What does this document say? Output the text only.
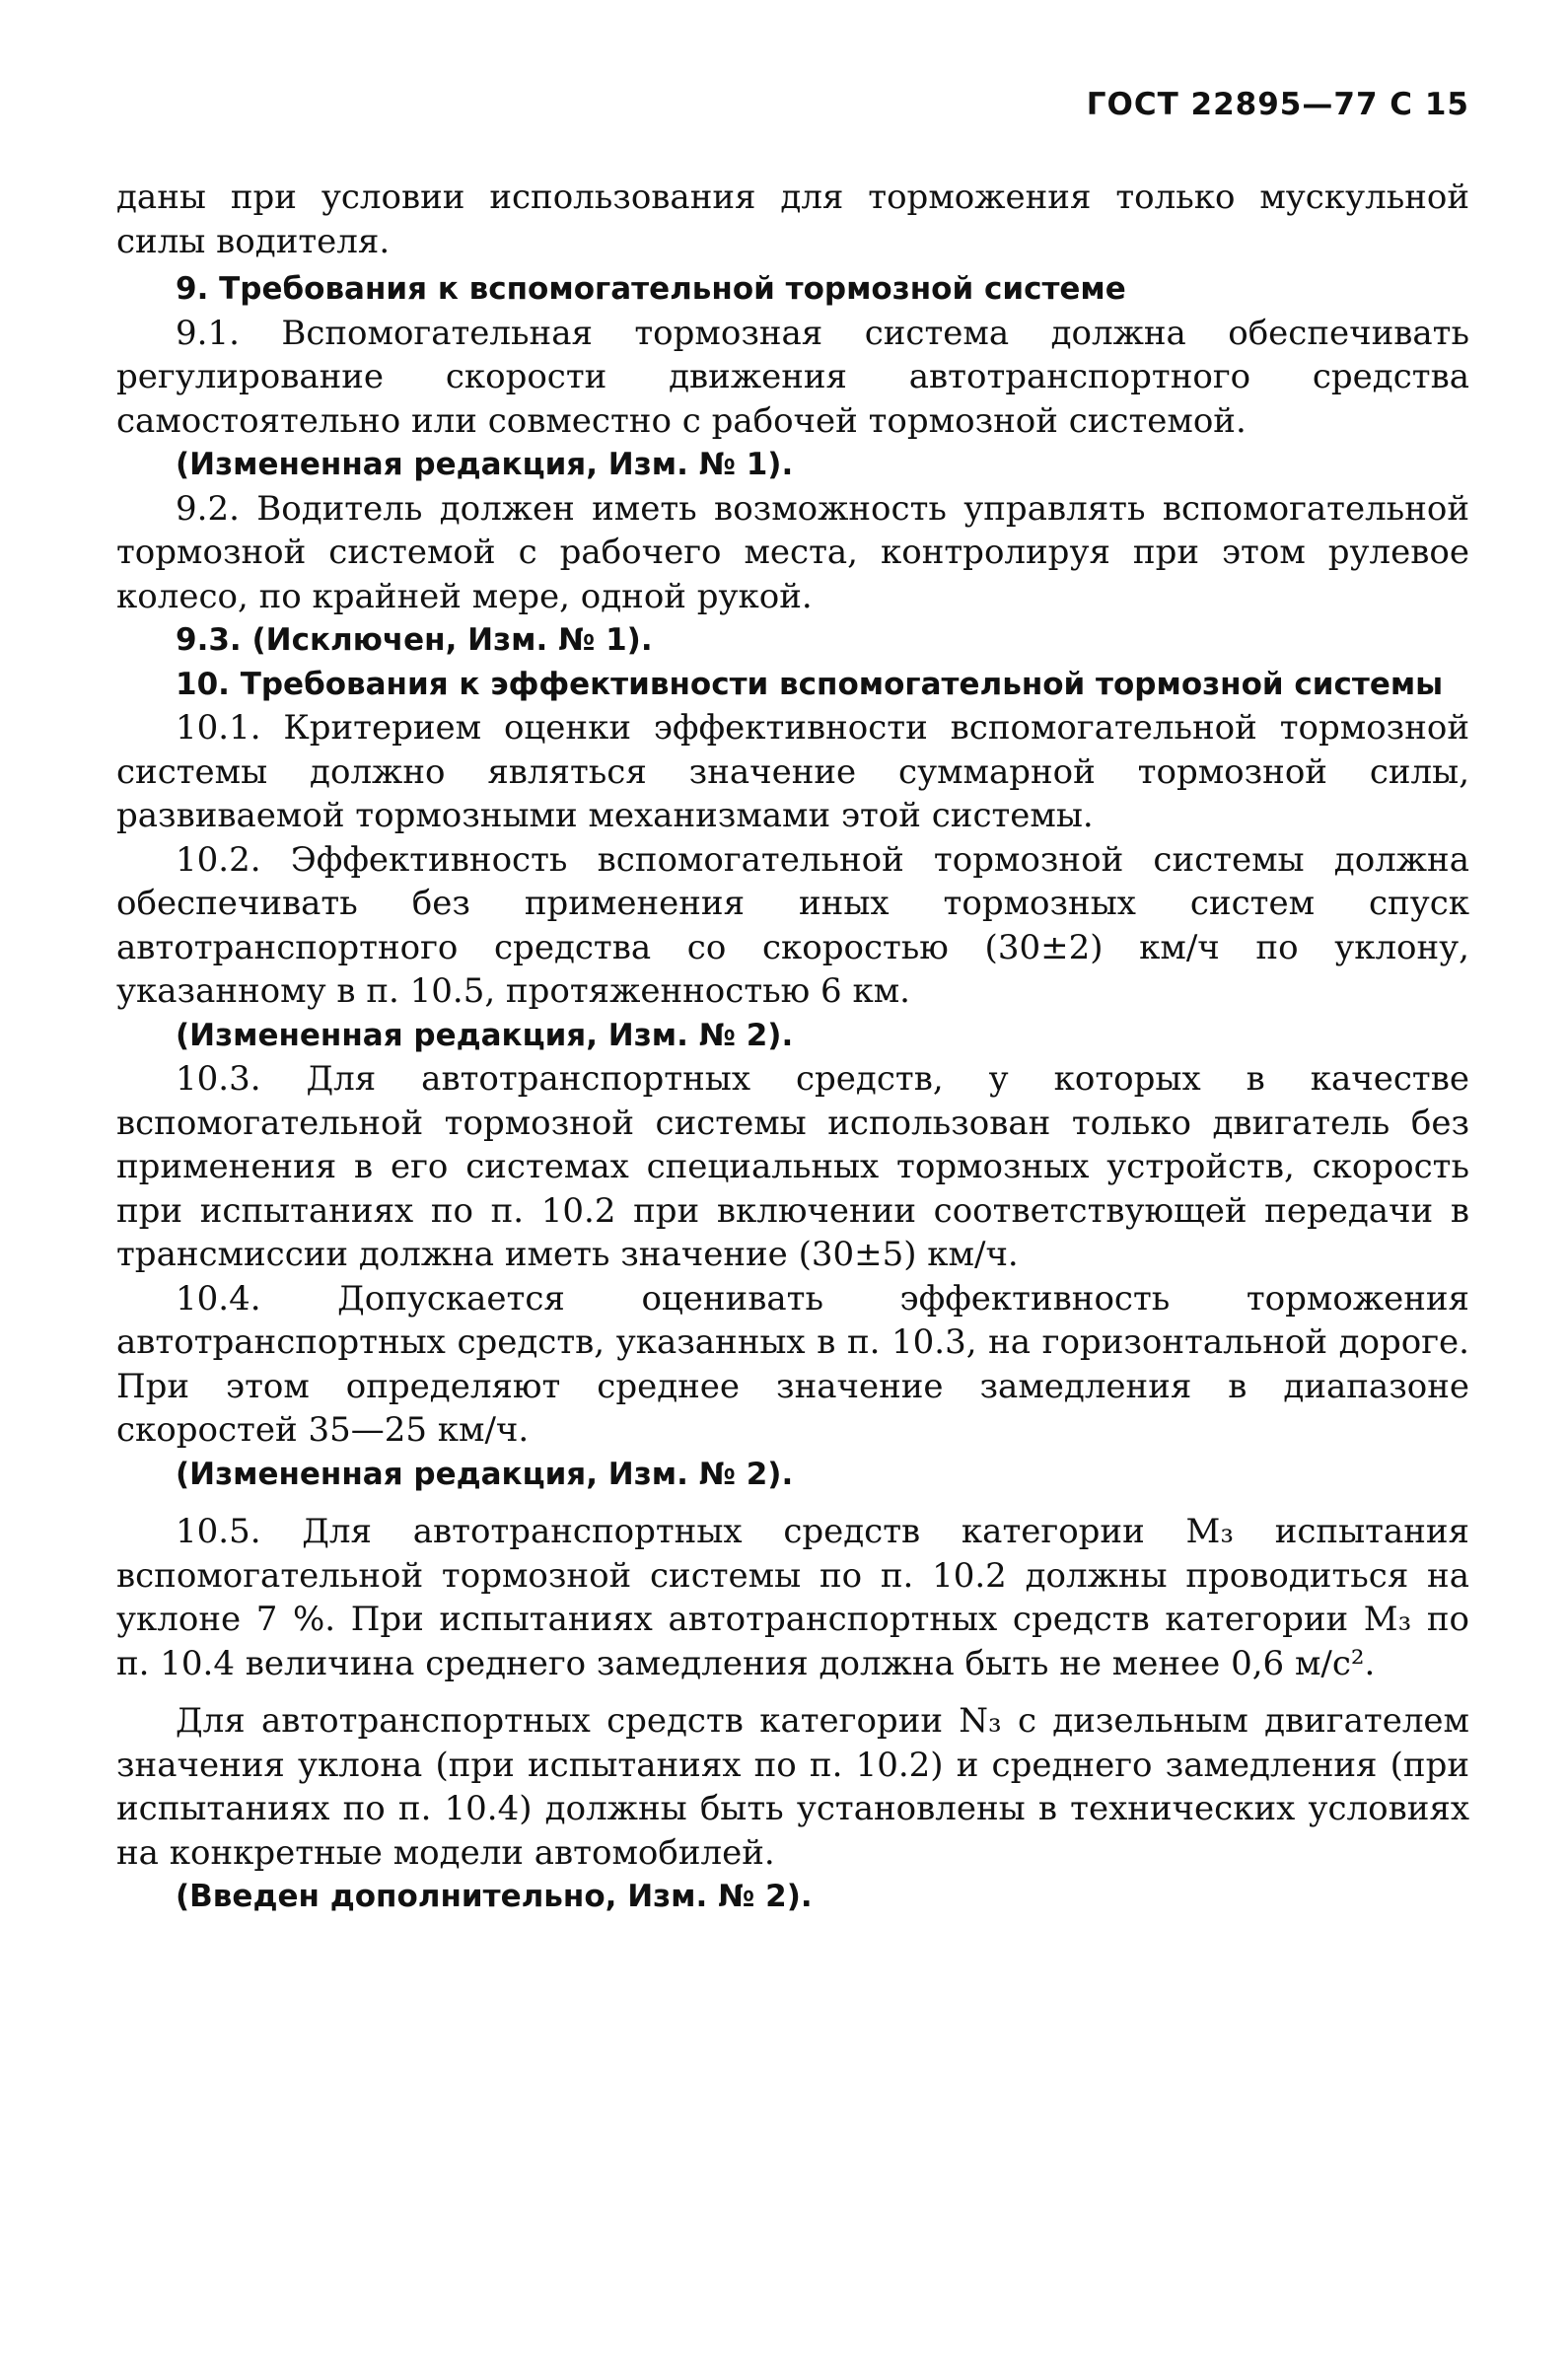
ГОСТ 22895—77 С 15

даны при условии использования для торможения только мускульной силы водителя.

9. Требования к вспомогательной тормозной системе

9.1. Вспомогательная тормозная система должна обеспечивать регулирование скорости движения автотранспортного средства самостоятельно или совместно с рабочей тормозной системой.

(Измененная редакция, Изм. № 1).

9.2. Водитель должен иметь возможность управлять вспомогательной тормозной системой с рабочего места, контролируя при этом рулевое колесо, по крайней мере, одной рукой.

9.3. (Исключен, Изм. № 1).

10. Требования к эффективности вспомогательной тормозной системы

10.1. Критерием оценки эффективности вспомогательной тормозной системы должно являться значение суммарной тормозной силы, развиваемой тормозными механизмами этой системы.

10.2. Эффективность вспомогательной тормозной системы должна обеспечивать без применения иных тормозных систем спуск автотранспортного средства со скоростью (30±2) км/ч по уклону, указанному в п. 10.5, протяженностью 6 км.

(Измененная редакция, Изм. № 2).

10.3. Для автотранспортных средств, у которых в качестве вспомогательной тормозной системы использован только двигатель без применения в его системах специальных тормозных устройств, скорость при испытаниях по п. 10.2 при включении соответствующей передачи в трансмиссии должна иметь значение (30±5) км/ч.

10.4. Допускается оценивать эффективность торможения автотранспортных средств, указанных в п. 10.3, на горизонтальной дороге. При этом определяют среднее значение замедления в диапазоне скоростей 35—25 км/ч.

(Измененная редакция, Изм. № 2).

10.5. Для автотранспортных средств категории M₃ испытания вспомогательной тормозной системы по п. 10.2 должны проводиться на уклоне 7 %. При испытаниях автотранспортных средств категории M₃ по п. 10.4 величина среднего замедления должна быть не менее 0,6 м/с².

Для автотранспортных средств категории N₃ с дизельным двигателем значения уклона (при испытаниях по п. 10.2) и среднего замедления (при испытаниях по п. 10.4) должны быть установлены в технических условиях на конкретные модели автомобилей.

(Введен дополнительно, Изм. № 2).
